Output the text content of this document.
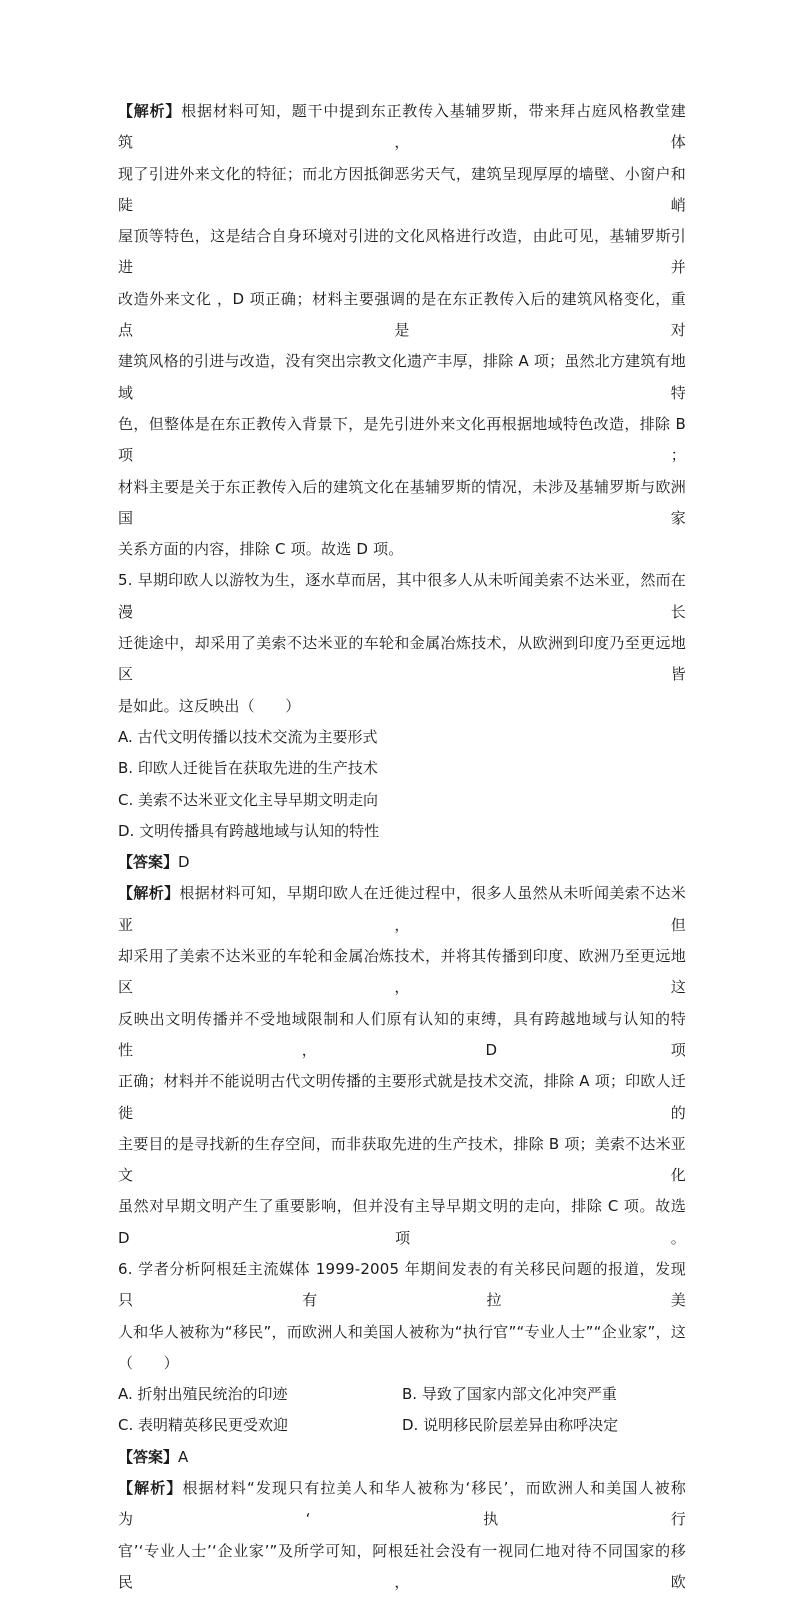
【解析】根据材料可知，题干中提到东正教传入基辅罗斯，带来拜占庭风格教堂建筑，体
现了引进外来文化的特征；而北方因抵御恶劣天气，建筑呈现厚厚的墙壁、小窗户和陡峭
屋顶等特色，这是结合自身环境对引进的文化风格进行改造，由此可见，基辅罗斯引进并
改造外来文化 ，D 项正确；材料主要强调的是在东正教传入后的建筑风格变化，重点是对
建筑风格的引进与改造，没有突出宗教文化遗产丰厚，排除 A 项；虽然北方建筑有地域特
色，但整体是在东正教传入背景下，是先引进外来文化再根据地域特色改造，排除 B 项；
材料主要是关于东正教传入后的建筑文化在基辅罗斯的情况，未涉及基辅罗斯与欧洲国家
关系方面的内容，排除 C 项。故选 D 项。
5. 早期印欧人以游牧为生，逐水草而居，其中很多人从未听闻美索不达米亚，然而在漫长
迁徙途中，却采用了美索不达米亚的车轮和金属冶炼技术，从欧洲到印度乃至更远地区皆
是如此。这反映出（　　）

A. 古代文明传播以技术交流为主要形式

B. 印欧人迁徙旨在获取先进的生产技术

C. 美索不达米亚文化主导早期文明走向

D. 文明传播具有跨越地域与认知的特性

【答案】D

【解析】根据材料可知，早期印欧人在迁徙过程中，很多人虽然从未听闻美索不达米亚，但
却采用了美索不达米亚的车轮和金属冶炼技术，并将其传播到印度、欧洲乃至更远地区，这
反映出文明传播并不受地域限制和人们原有认知的束缚，具有跨越地域与认知的特性，D 项
正确；材料并不能说明古代文明传播的主要形式就是技术交流，排除 A 项；印欧人迁徙的
主要目的是寻找新的生存空间，而非获取先进的生产技术，排除 B 项；美索不达米亚文化
虽然对早期文明产生了重要影响，但并没有主导早期文明的走向，排除 C 项。故选 D 项。
6. 学者分析阿根廷主流媒体 1999-2005 年期间发表的有关移民问题的报道，发现只有拉美
人和华人被称为“移民”，而欧洲人和美国人被称为“执行官”“专业人士”“企业家”，这
（　　）
A. 折射出殖民统治的印迹	B. 导致了国家内部文化冲突严重
C. 表明精英移民更受欢迎	D. 说明移民阶层差异由称呼决定

【答案】A

【解析】根据材料“发现只有拉美人和华人被称为‘移民’，而欧洲人和美国人被称为‘执行
官’‘专业人士’‘企业家’”及所学可知，阿根廷社会没有一视同仁地对待不同国家的移民，欧
